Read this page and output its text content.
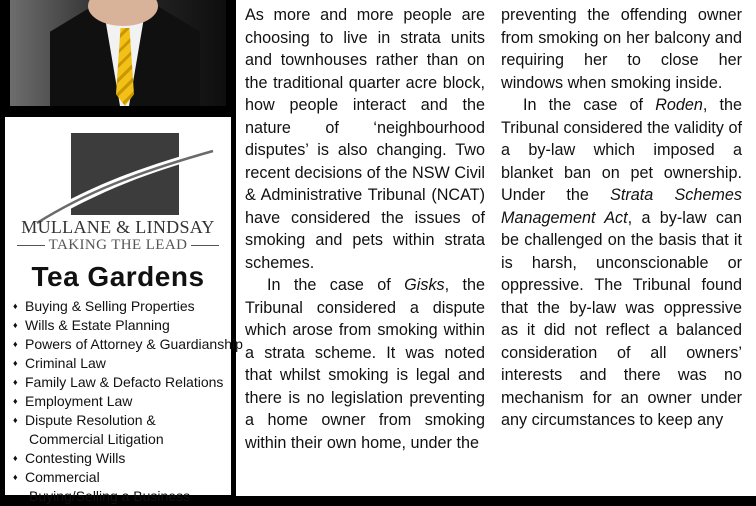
MULLANE & LINDSAY
TAKING THE LEAD
Tea Gardens
♦ Buying & Selling Properties
♦ Wills & Estate Planning
♦ Powers of Attorney & Guardianship
♦ Criminal Law
♦ Family Law & Defacto Relations
♦ Employment Law
♦ Dispute Resolution &
Commercial Litigation
♦ Contesting Wills
♦ Commercial
Buying/Selling a Business

As more and more people are choosing to live in strata units and townhouses rather than on the traditional quarter acre block, how people interact and the nature of ‘neighbourhood disputes’ is also changing. Two recent decisions of the NSW Civil & Administrative Tribunal (NCAT) have considered the issues of smoking and pets within strata schemes.

In the case of Gisks, the Tribunal considered a dispute which arose from smoking within a strata scheme. It was noted that whilst smoking is legal and there is no legislation preventing a home owner from smoking within their own home, under the

preventing the offending owner from smoking on her balcony and requiring her to close her windows when smoking inside.

In the case of Roden, the Tribunal considered the validity of a by-law which imposed a blanket ban on pet ownership. Under the Strata Schemes Management Act, a by-law can be challenged on the basis that it is harsh, unconscionable or oppressive. The Tribunal found that the by-law was oppressive as it did not reflect a balanced consideration of all owners’ interests and there was no mechanism for an owner under any circumstances to keep any
